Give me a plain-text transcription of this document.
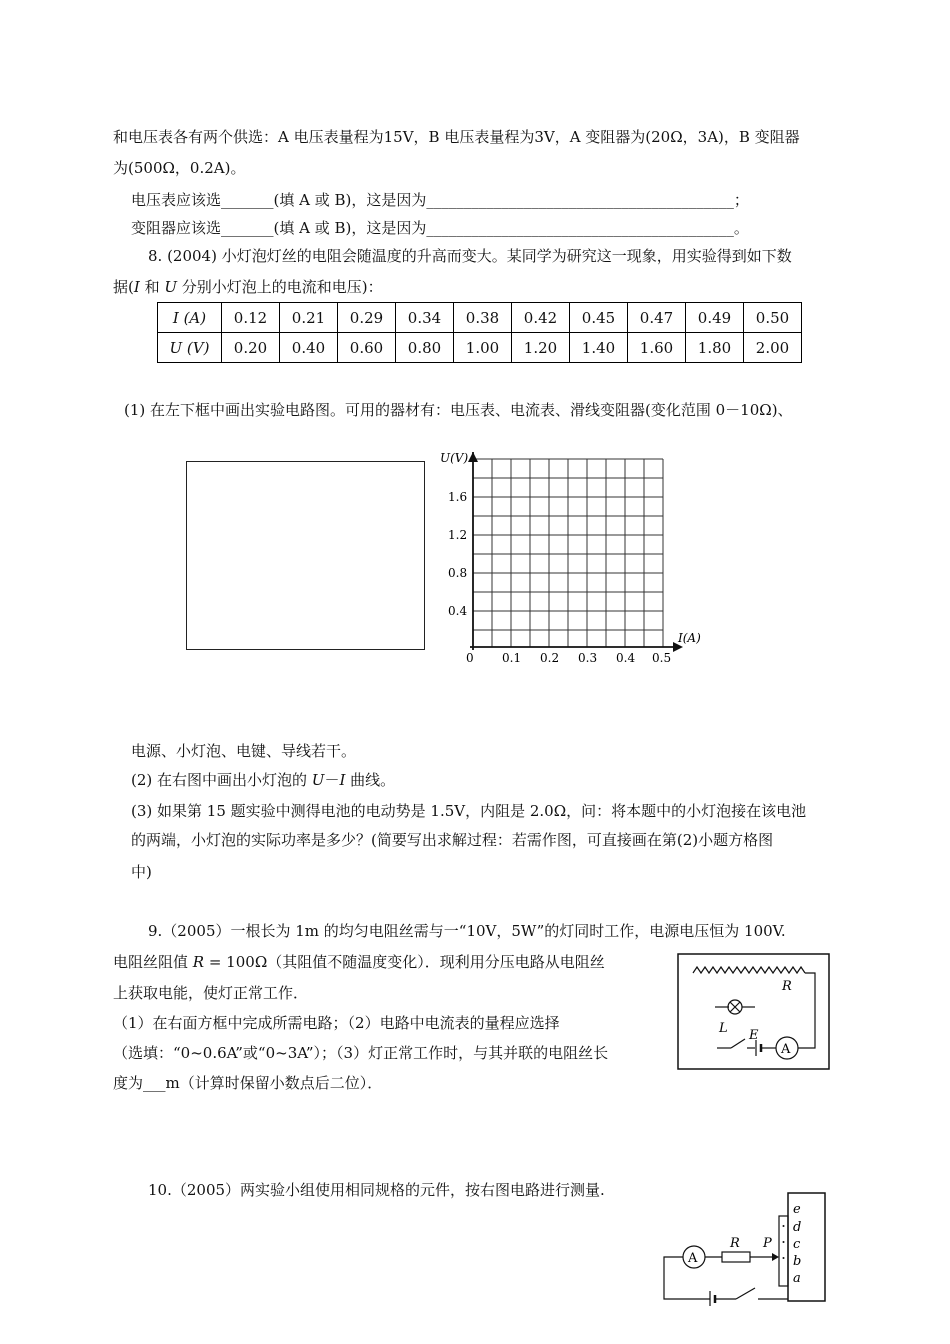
和电压表各有两个供选：A 电压表量程为15V，B 电压表量程为3V，A 变阻器为(20Ω，3A)，B 变阻器
为(500Ω，0.2A)。
电压表应该选_______(填 A 或 B)，这是因为_________________________________________；
变阻器应该选_______(填 A 或 B)，这是因为_________________________________________。
8. (2004) 小灯泡灯丝的电阻会随温度的升高而变大。某同学为研究这一现象，用实验得到如下数
据(I 和 U 分别小灯泡上的电流和电压)：
I (A)	0.12	0.21	0.29	0.34	0.38	0.42	0.45	0.47	0.49	0.50
U (V)	0.20	0.40	0.60	0.80	1.00	1.20	1.40	1.60	1.80	2.00
(1) 在左下框中画出实验电路图。可用的器材有：电压表、电流表、滑线变阻器(变化范围 0－10Ω)、
U(V)
I(A)
1.6
1.2
0.8
0.4
0 0.1 0.2 0.3 0.4 0.5
电源、小灯泡、电键、导线若干。
(2) 在右图中画出小灯泡的 U－I 曲线。
(3) 如果第 15 题实验中测得电池的电动势是 1.5V，内阻是 2.0Ω，问：将本题中的小灯泡接在该电池
的两端，小灯泡的实际功率是多少？(简要写出求解过程：若需作图，可直接画在第(2)小题方格图
中)
9.（2005）一根长为 1m 的均匀电阻丝需与一“10V，5W”的灯同时工作，电源电压恒为 100V.
电阻丝阻值 R = 100Ω（其阻值不随温度变化）．现利用分压电路从电阻丝
上获取电能，使灯正常工作．
（1）在右面方框中完成所需电路；（2）电路中电流表的量程应选择
（选填：“0~0.6A”或“0~3A”）；（3）灯正常工作时，与其并联的电阻丝长
度为___m（计算时保留小数点后二位）．
R
L E
A
10.（2005）两实验小组使用相同规格的元件，按右图电路进行测量.
e
d
c
b
a
A
R P
